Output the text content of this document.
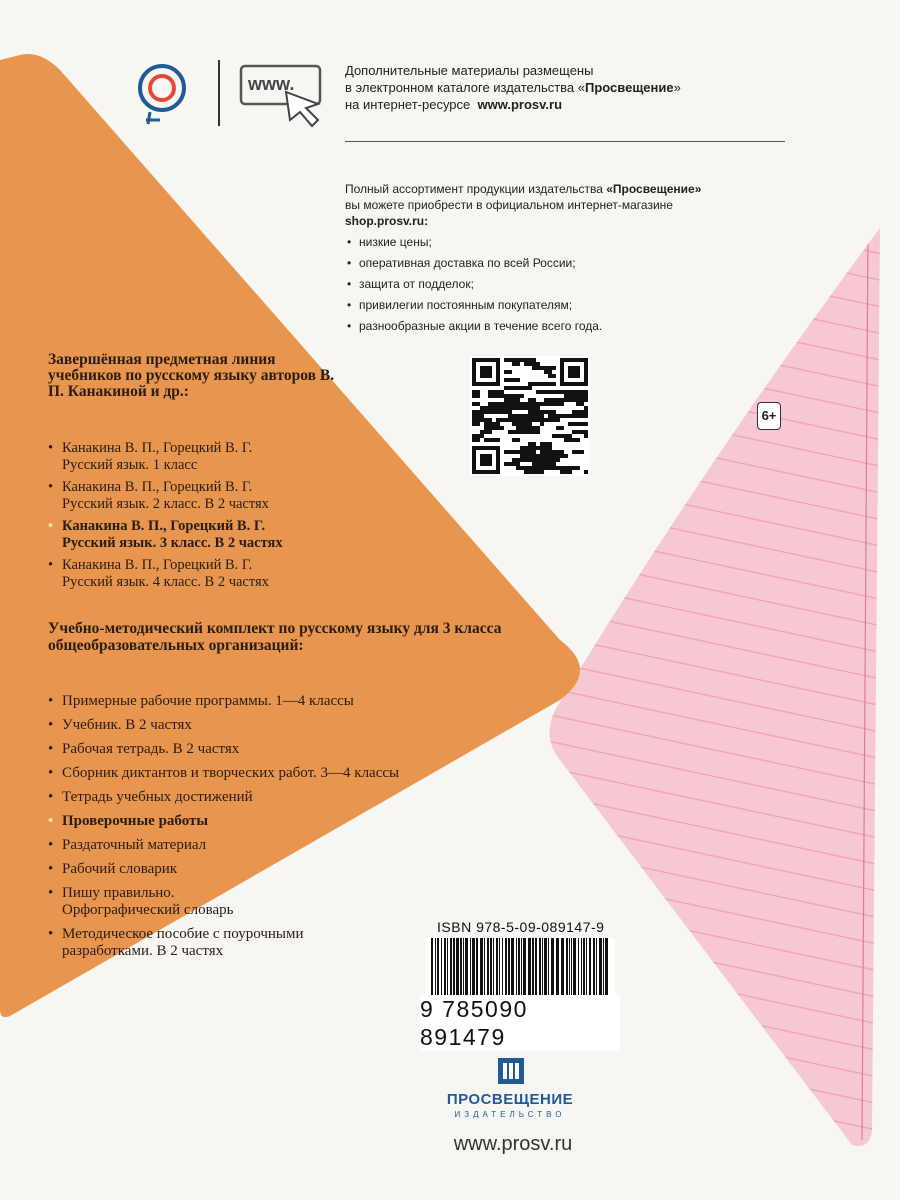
www.
Дополнительные материалы размещены
в электронном каталоге издательства «Просвещение»
на интернет-ресурсе www.prosv.ru
Полный ассортимент продукции издательства «Просвещение»
вы можете приобрести в официальном интернет-магазине
shop.prosv.ru:
• низкие цены;
• оперативная доставка по всей России;
• защита от подделок;
• привилегии постоянным покупателям;
• разнообразные акции в течение всего года.
6+
Завершённая предметная линия учебников по русскому языку авторов В. П. Канакиной и др.:
• Канакина В. П., Горецкий В. Г.
Русский язык. 1 класс
• Канакина В. П., Горецкий В. Г.
Русский язык. 2 класс. В 2 частях
• Канакина В. П., Горецкий В. Г.
Русский язык. 3 класс. В 2 частях
• Канакина В. П., Горецкий В. Г.
Русский язык. 4 класс. В 2 частях
Учебно-методический комплект по русскому языку для 3 класса общеобразовательных организаций:
• Примерные рабочие программы. 1—4 классы
• Учебник. В 2 частях
• Рабочая тетрадь. В 2 частях
• Сборник диктантов и творческих работ. 3—4 классы
• Тетрадь учебных достижений
• Проверочные работы
• Раздаточный материал
• Рабочий словарик
• Пишу правильно. Орфографический словарь
• Методическое пособие с поурочными разработками. В 2 частях
ISBN 978-5-09-089147-9
9 785090 891479
ПРОСВЕЩЕНИЕ
ИЗДАТЕЛЬСТВО
www.prosv.ru
